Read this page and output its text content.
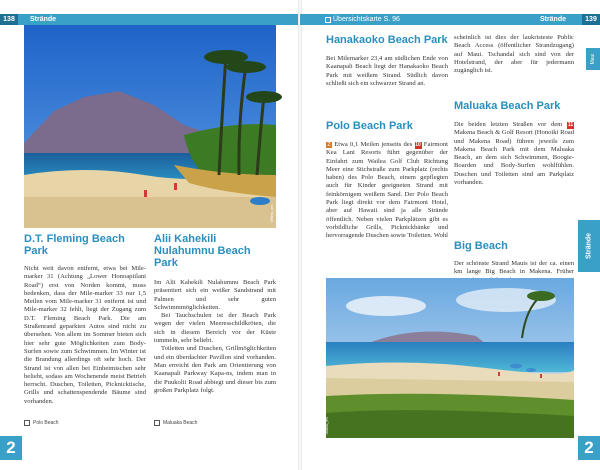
138	Strände
066mu_ms
D.T. Fleming Beach Park
Nicht weit davon entfernt, etwa bei Mile-marker 31 (Achtung „Lower Honoapiilani Road“) erst von Norden kommt, muss bedenken, dass der Mile-marker 33 nur 1,5 Meilen vom Mile-marker 31 entfernt ist und Mile-marker 32 fehlt, liegt der Zugang zum D.T. Fleming Beach Park. Die am Straßenrand geparkten Autos sind nicht zu übersehen. Von allem im Sommer bieten sich hier sehr gute Möglichkeiten zum Body-Surfen sowie zum Schwimmen. Im Winter ist die Brandung allerdings oft sehr hoch. Der Strand ist von allen bei Einheimischen sehr beliebt, sodass am Wochenende meist Betrieb herrscht. Duschen, Toiletten, Picknicktische, Grills und schattenspendende Bäume sind vorhanden.
Polo Beach
Alii Kahekili Nulahumnu Beach Park

Im Alii Kahekili Nulahumnu Beach Park präsentiert sich ein weißer Sandstrand mit Palmen und sehr guten Schwimmmöglichkeiten.

Bei Tauchschulen ist der Beach Park wegen der vielen Meeresschildkröten, die sich in diesem Bereich vor der Küste tummeln, sehr beliebt.

Toiletten und Duschen, Grillmöglichkeiten und ein überdachter Pavillon sind vorhanden. Man erreicht den Park am Orientierung von Kaanapali Parkway Kapa-ns, indem man in die Puukolii Road abbiegt und dieser bis zum großen Parkplatz folgt.

Maluaka Beach
2
Übersichtskarte S. 96	Strände	139
Maui
Hanakaoko Beach Park
Bei Milemarker 23,4 am südlichen Ende von Kaanapali Beach liegt der Hanakaoko Beach Park mit weißem Strand. Südlich davon schließt sich ein schwarzer Strand an.
Polo Beach Park
Z Etwa 0,1 Meilen jenseits des 10 Fairmont Kea Lani Resorts führt gegenüber der Einfahrt zum Wailea Golf Club Richtung Meer eine Stichstraße zum Parkplatz (rechts haben) des Polo Beach, einem gepflegten auch für Kinder geeigneten Strand mit feinkörnigem weißem Sand. Der Polo Beach Park liegt direkt vor dem Fairmont Hotel, aber auf Hawaii sind ja alle Strände öffentlich. Neben vielen Parkplätzen gibt es vorbildliche Grills, Picknickbänke und hervorragende Duschen sowie Toiletten. Wohl
scheinlich ist dies der laukristeste Public Beach Access (öffentlicher Strandzugang) auf Maui. Tschandal sich sind von der Hotelstrand, der aber für jedermann zugänglich ist.
Maluaka Beach Park
Die beiden letzten Straßen vor dem 11 Makena Beach & Golf Resort (Honoiki Road und Makena Road) führen jeweils zum Makena Beach Park mit dem Maluaka Beach, an dem sich Schwimmen, Boogie-Boarden und Body-Surfen wohlfühlen. Duschen und Toiletten sind am Parkplatz vorhanden.
Big Beach
Der schönste Strand Mauis ist der ca. einen km lange Big Beach in Makena. Früher
Strände
066mu_ms
2
